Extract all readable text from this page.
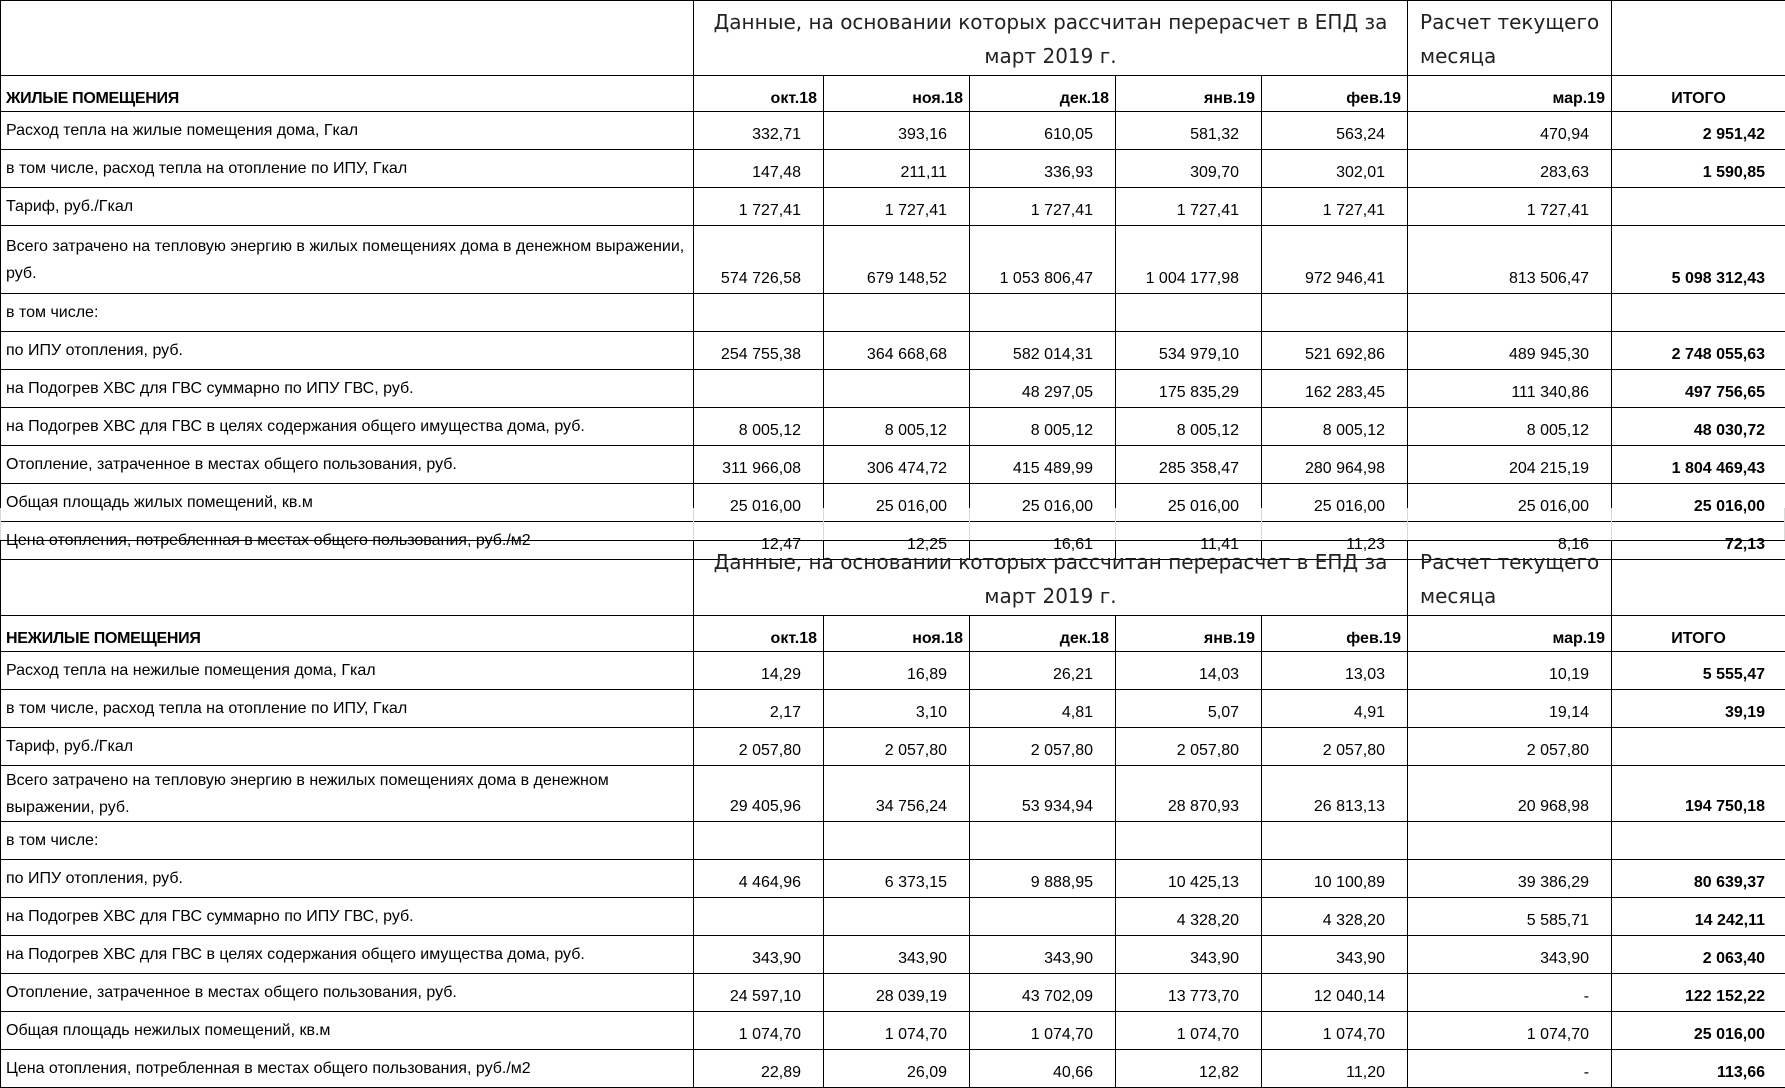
	Данные, на основании которых рассчитан перерасчет в ЕПД за март 2019 г.					Расчет текущего месяца	
ЖИЛЫЕ ПОМЕЩЕНИЯ	окт.18	ноя.18	дек.18	янв.19	фев.19	мар.19	ИТОГО
Расход тепла на жилые помещения дома, Гкал	332,71	393,16	610,05	581,32	563,24	470,94	2 951,42
в том числе, расход тепла на отопление по ИПУ, Гкал	147,48	211,11	336,93	309,70	302,01	283,63	1 590,85
Тариф, руб./Гкал	1 727,41	1 727,41	1 727,41	1 727,41	1 727,41	1 727,41	
Всего затрачено на тепловую энергию в жилых помещениях дома в денежном выражении, руб.	574 726,58	679 148,52	1 053 806,47	1 004 177,98	972 946,41	813 506,47	5 098 312,43
в том числе:							
по ИПУ отопления, руб.	254 755,38	364 668,68	582 014,31	534 979,10	521 692,86	489 945,30	2 748 055,63
на Подогрев ХВС для ГВС суммарно по ИПУ ГВС, руб.			48 297,05	175 835,29	162 283,45	111 340,86	497 756,65
на Подогрев ХВС для ГВС в целях содержания общего имущества дома, руб.	8 005,12	8 005,12	8 005,12	8 005,12	8 005,12	8 005,12	48 030,72
Отопление, затраченное в местах общего пользования, руб.	311 966,08	306 474,72	415 489,99	285 358,47	280 964,98	204 215,19	1 804 469,43
Общая площадь жилых помещений, кв.м	25 016,00	25 016,00	25 016,00	25 016,00	25 016,00	25 016,00	25 016,00
Цена отопления, потребленная в местах общего пользования, руб./м2	12,47	12,25	16,61	11,41	11,23	8,16	72,13
	Данные, на основании которых рассчитан перерасчет в ЕПД за март 2019 г.					Расчет текущего месяца	
НЕЖИЛЫЕ ПОМЕЩЕНИЯ	окт.18	ноя.18	дек.18	янв.19	фев.19	мар.19	ИТОГО
Расход тепла на нежилые помещения дома, Гкал	14,29	16,89	26,21	14,03	13,03	10,19	5 555,47
в том числе, расход тепла на отопление по ИПУ, Гкал	2,17	3,10	4,81	5,07	4,91	19,14	39,19
Тариф, руб./Гкал	2 057,80	2 057,80	2 057,80	2 057,80	2 057,80	2 057,80	
Всего затрачено на тепловую энергию в нежилых помещениях дома в денежном выражении, руб.	29 405,96	34 756,24	53 934,94	28 870,93	26 813,13	20 968,98	194 750,18
в том числе:							
по ИПУ отопления, руб.	4 464,96	6 373,15	9 888,95	10 425,13	10 100,89	39 386,29	80 639,37
на Подогрев ХВС для ГВС суммарно по ИПУ ГВС, руб.				4 328,20	4 328,20	5 585,71	14 242,11
на Подогрев ХВС для ГВС в целях содержания общего имущества дома, руб.	343,90	343,90	343,90	343,90	343,90	343,90	2 063,40
Отопление, затраченное в местах общего пользования, руб.	24 597,10	28 039,19	43 702,09	13 773,70	12 040,14	-	122 152,22
Общая площадь нежилых помещений, кв.м	1 074,70	1 074,70	1 074,70	1 074,70	1 074,70	1 074,70	25 016,00
Цена отопления, потребленная в местах общего пользования, руб./м2	22,89	26,09	40,66	12,82	11,20	-	113,66
